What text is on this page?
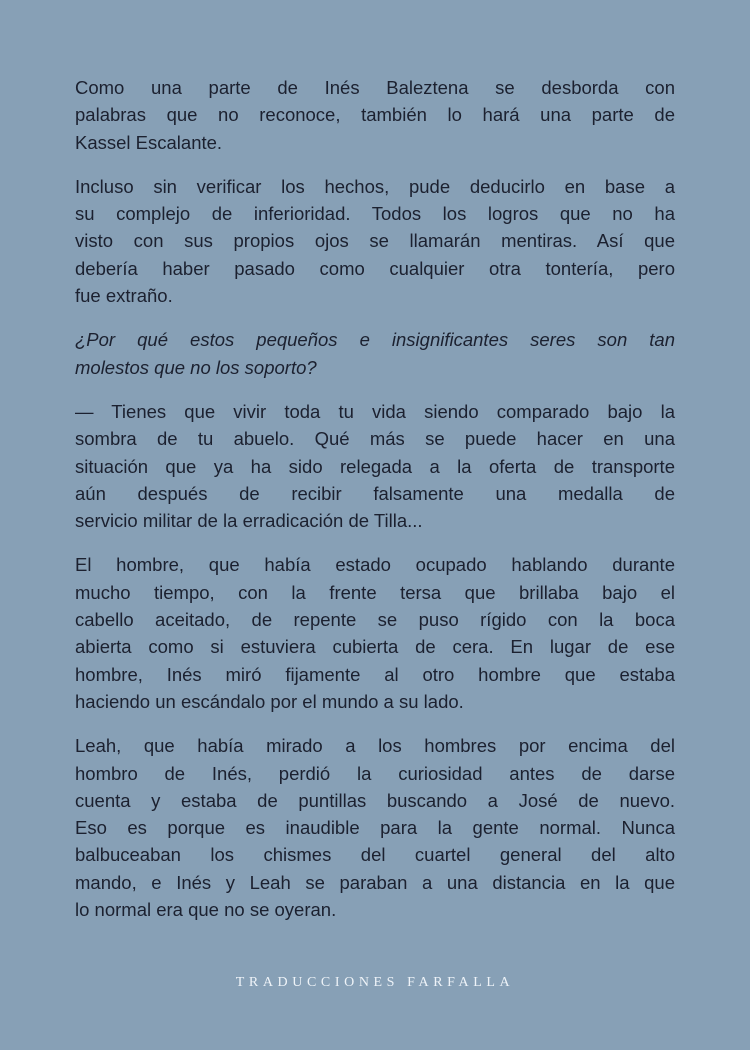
Como una parte de Inés Baleztena se desborda con
palabras que no reconoce, también lo hará una parte de
Kassel Escalante.

Incluso sin verificar los hechos, pude deducirlo en base a
su complejo de inferioridad. Todos los logros que no ha
visto con sus propios ojos se llamarán mentiras. Así que
debería haber pasado como cualquier otra tontería, pero
fue extraño.

¿Por qué estos pequeños e insignificantes seres son tan
molestos que no los soporto?

— Tienes que vivir toda tu vida siendo comparado bajo la
sombra de tu abuelo. Qué más se puede hacer en una
situación que ya ha sido relegada a la oferta de transporte
aún después de recibir falsamente una medalla de
servicio militar de la erradicación de Tilla...

El hombre, que había estado ocupado hablando durante
mucho tiempo, con la frente tersa que brillaba bajo el
cabello aceitado, de repente se puso rígido con la boca
abierta como si estuviera cubierta de cera. En lugar de ese
hombre, Inés miró fijamente al otro hombre que estaba
haciendo un escándalo por el mundo a su lado.

Leah, que había mirado a los hombres por encima del
hombro de Inés, perdió la curiosidad antes de darse
cuenta y estaba de puntillas buscando a José de nuevo.
Eso es porque es inaudible para la gente normal. Nunca
balbuceaban los chismes del cuartel general del alto
mando, e Inés y Leah se paraban a una distancia en la que
lo normal era que no se oyeran.

TRADUCCIONES FARFALLA
